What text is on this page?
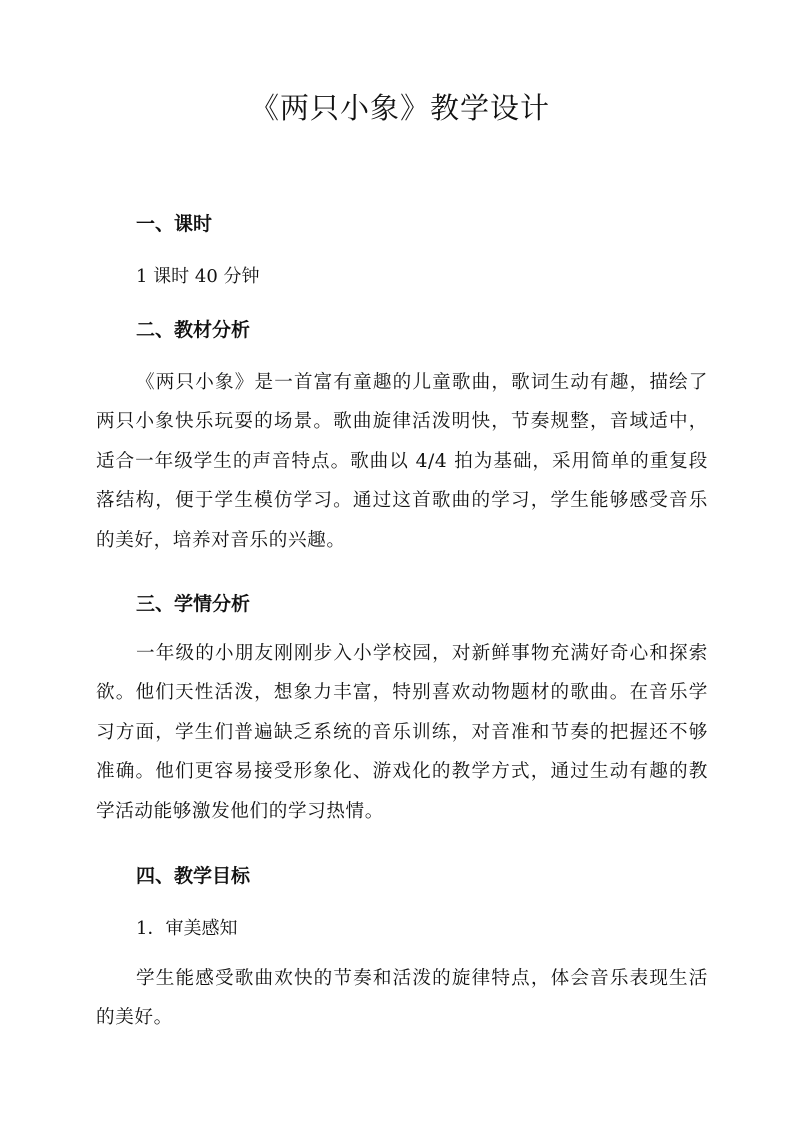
《两只小象》教学设计
一、课时

1 课时 40 分钟

二、教材分析

《两只小象》是一首富有童趣的儿童歌曲，歌词生动有趣，描绘了两只小象快乐玩耍的场景。歌曲旋律活泼明快，节奏规整，音域适中，适合一年级学生的声音特点。歌曲以 4/4 拍为基础，采用简单的重复段落结构，便于学生模仿学习。通过这首歌曲的学习，学生能够感受音乐的美好，培养对音乐的兴趣。

三、学情分析

一年级的小朋友刚刚步入小学校园，对新鲜事物充满好奇心和探索欲。他们天性活泼，想象力丰富，特别喜欢动物题材的歌曲。在音乐学习方面，学生们普遍缺乏系统的音乐训练，对音准和节奏的把握还不够准确。他们更容易接受形象化、游戏化的教学方式，通过生动有趣的教学活动能够激发他们的学习热情。

四、教学目标

1．审美感知

学生能感受歌曲欢快的节奏和活泼的旋律特点，体会音乐表现生活的美好。
